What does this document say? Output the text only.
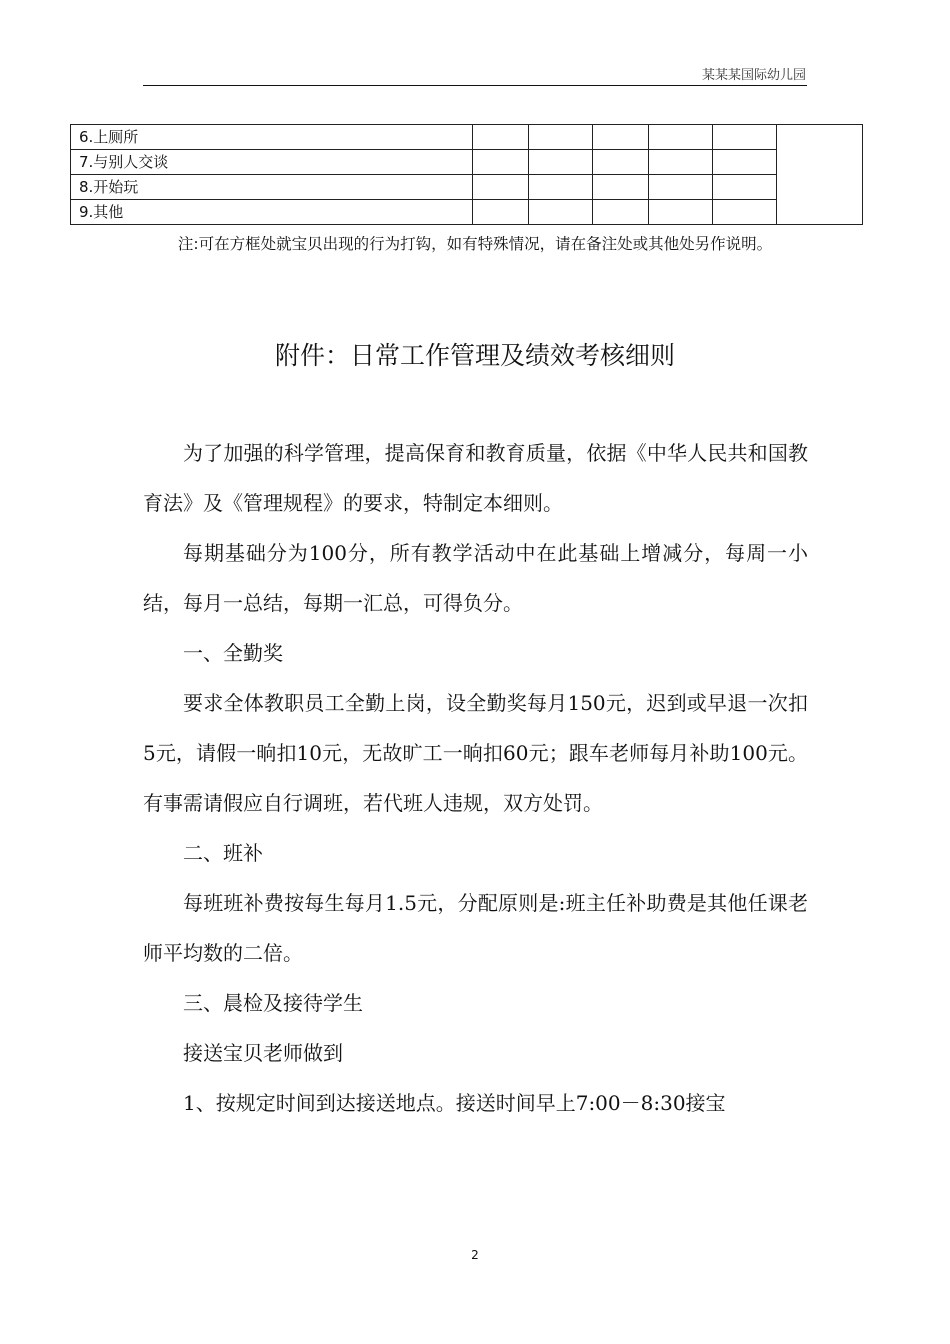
某某某国际幼儿园
6.上厕所						
7.与别人交谈						
8.开始玩						
9.其他						
注:可在方框处就宝贝出现的行为打钩，如有特殊情况，请在备注处或其他处另作说明。
附件：日常工作管理及绩效考核细则

为了加强的科学管理，提高保育和教育质量，依据《中华人民共和国教育法》及《管理规程》的要求，特制定本细则。

每期基础分为100分，所有教学活动中在此基础上增减分，每周一小结，每月一总结，每期一汇总，可得负分。

一、全勤奖

要求全体教职员工全勤上岗，设全勤奖每月150元，迟到或早退一次扣5元，请假一晌扣10元，无故旷工一晌扣60元；跟车老师每月补助100元。有事需请假应自行调班，若代班人违规，双方处罚。

二、班补

每班班补费按每生每月1.5元，分配原则是:班主任补助费是其他任课老师平均数的二倍。

三、晨检及接待学生

接送宝贝老师做到

1、按规定时间到达接送地点。接送时间早上7:00－8:30接宝

2
